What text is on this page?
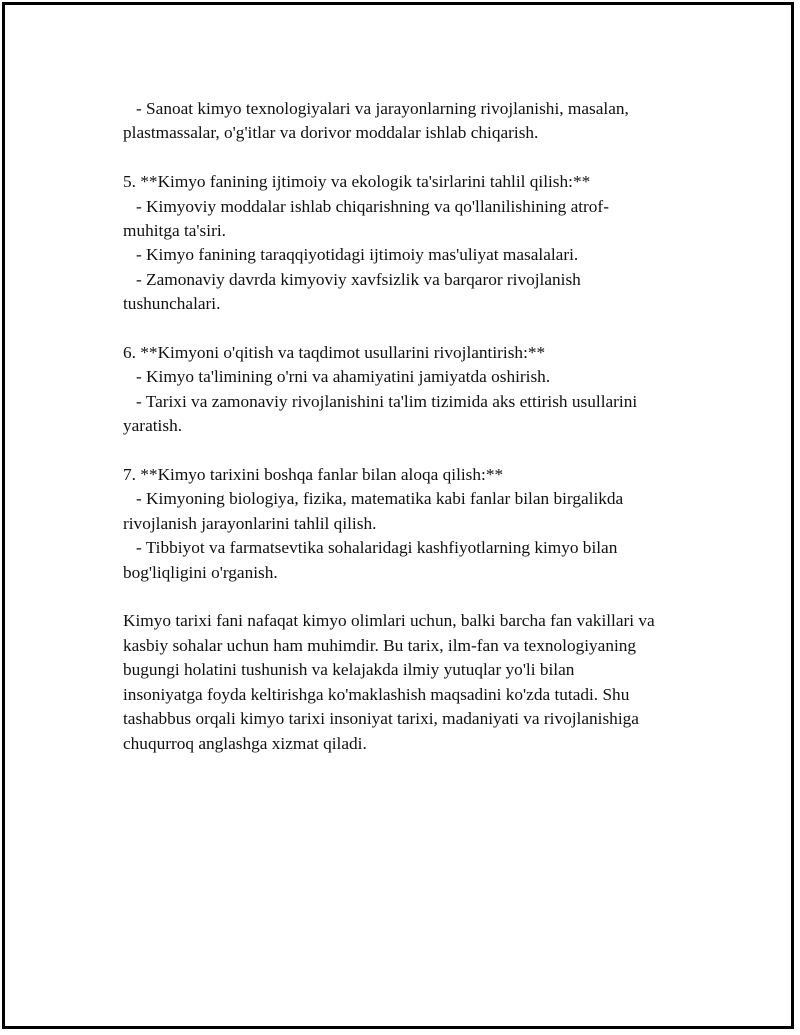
- Sanoat kimyo texnologiyalari va jarayonlarning rivojlanishi, masalan,
plastmassalar, o'g'itlar va dorivor moddalar ishlab chiqarish.
5. **Kimyo fanining ijtimoiy va ekologik ta'sirlarini tahlil qilish:**
- Kimyoviy moddalar ishlab chiqarishning va qo'llanilishining atrof-
muhitga ta'siri.
- Kimyo fanining taraqqiyotidagi ijtimoiy mas'uliyat masalalari.
- Zamonaviy davrda kimyoviy xavfsizlik va barqaror rivojlanish
tushunchalari.
6. **Kimyoni o'qitish va taqdimot usullarini rivojlantirish:**
- Kimyo ta'limining o'rni va ahamiyatini jamiyatda oshirish.
- Tarixi va zamonaviy rivojlanishini ta'lim tizimida aks ettirish usullarini
yaratish.
7. **Kimyo tarixini boshqa fanlar bilan aloqa qilish:**
- Kimyoning biologiya, fizika, matematika kabi fanlar bilan birgalikda
rivojlanish jarayonlarini tahlil qilish.
- Tibbiyot va farmatsevtika sohalaridagi kashfiyotlarning kimyo bilan
bog'liqligini o'rganish.
Kimyo tarixi fani nafaqat kimyo olimlari uchun, balki barcha fan vakillari va
kasbiy sohalar uchun ham muhimdir. Bu tarix, ilm-fan va texnologiyaning
bugungi holatini tushunish va kelajakda ilmiy yutuqlar yo'li bilan
insoniyatga foyda keltirishga ko'maklashish maqsadini ko'zda tutadi. Shu
tashabbus orqali kimyo tarixi insoniyat tarixi, madaniyati va rivojlanishiga
chuqurroq anglashga xizmat qiladi.
